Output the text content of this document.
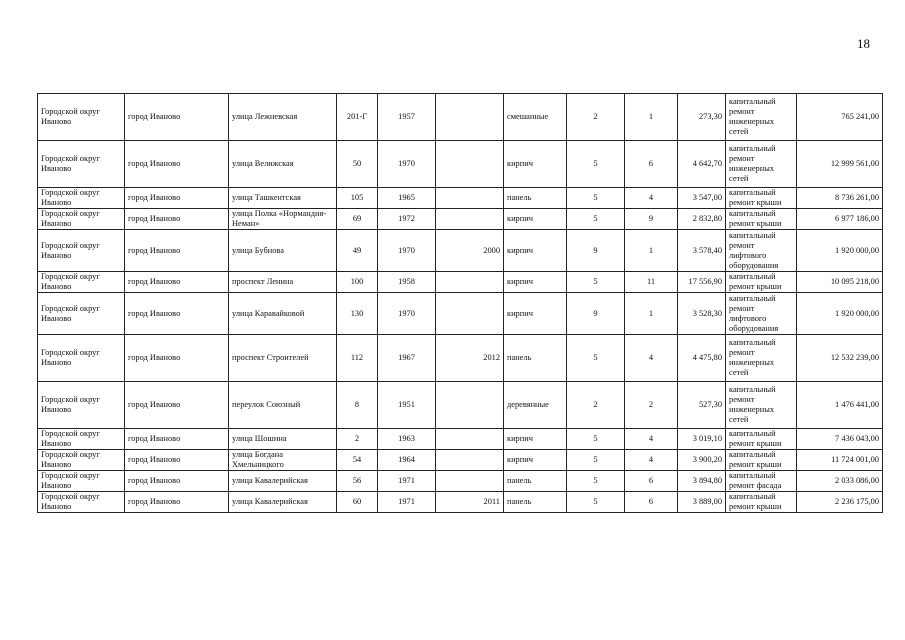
18
Городской округ Иваново	город Иваново	улица Лежневская	201-Г	1957		смешанные	2	1	273,30	капитальный ремонт инженерных сетей	765 241,00
Городской округ Иваново	город Иваново	улица Велижская	50	1970		кирпич	5	6	4 642,70	капитальный ремонт инженерных сетей	12 999 561,00
Городской округ Иваново	город Иваново	улица Ташкентская	105	1965		панель	5	4	3 547,00	капитальный ремонт крыши	8 736 261,00
Городской округ Иваново	город Иваново	улица Полка «Нормандия-Неман»	69	1972		кирпич	5	9	2 832,80	капитальный ремонт крыши	6 977 186,00
Городской округ Иваново	город Иваново	улица Бубнова	49	1970	2000	кирпич	9	1	3 578,40	капитальный ремонт лифтового оборудования	1 920 000,00
Городской округ Иваново	город Иваново	проспект Ленина	100	1958		кирпич	5	11	17 556,90	капитальный ремонт крыши	10 095 218,00
Городской округ Иваново	город Иваново	улица Каравайковой	130	1970		кирпич	9	1	3 528,30	капитальный ремонт лифтового оборудования	1 920 000,00
Городской округ Иваново	город Иваново	проспект Строителей	112	1967	2012	панель	5	4	4 475,80	капитальный ремонт инженерных сетей	12 532 239,00
Городской округ Иваново	город Иваново	переулок Союзный	8	1951		деревянные	2	2	527,30	капитальный ремонт инженерных сетей	1 476 441,00
Городской округ Иваново	город Иваново	улица Шошина	2	1963		кирпич	5	4	3 019,10	капитальный ремонт крыши	7 436 043,00
Городской округ Иваново	город Иваново	улица Богдана Хмельницкого	54	1964		кирпич	5	4	3 900,20	капитальный ремонт крыши	11 724 001,00
Городской округ Иваново	город Иваново	улица Кавалерийская	56	1971		панель	5	6	3 894,80	капитальный ремонт фасада	2 033 086,00
Городской округ Иваново	город Иваново	улица Кавалерийская	60	1971	2011	панель	5	6	3 889,00	капитальный ремонт крыши	2 236 175,00
